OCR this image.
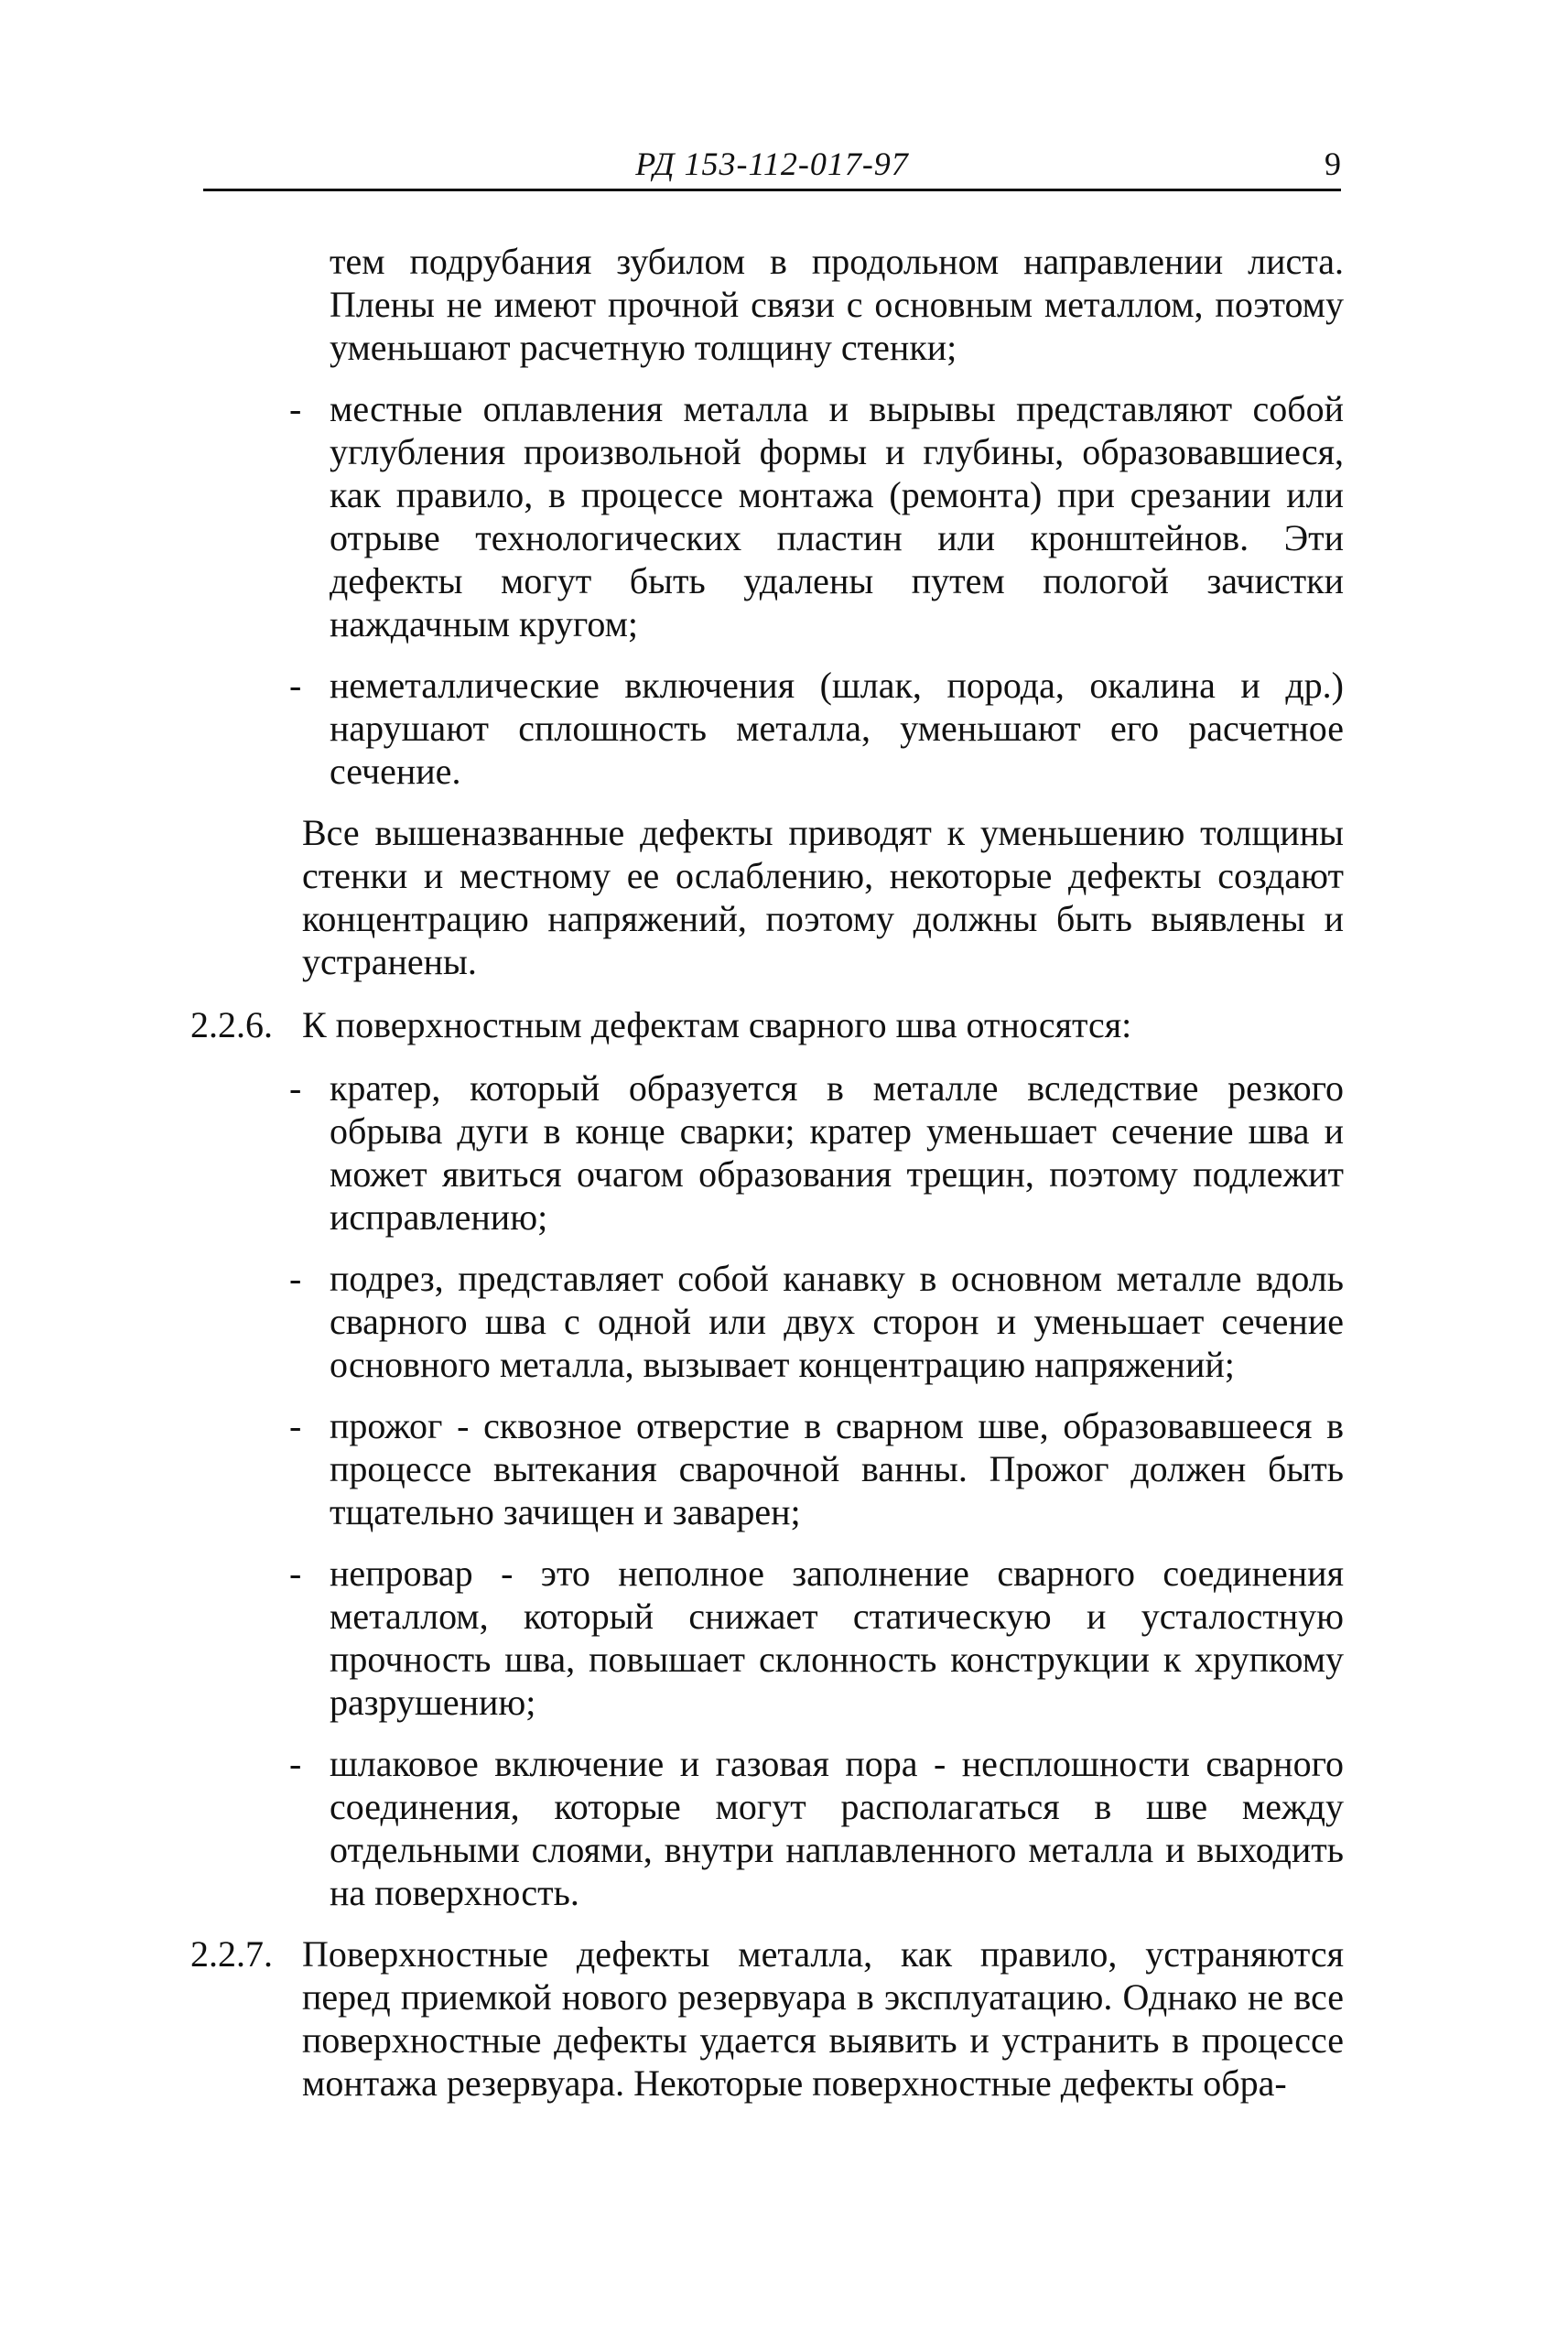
РД 153-112-017-97	9

тем подрубания зубилом в продольном направлении листа. Плены не имеют прочной связи с основным металлом, поэтому уменьшают расчетную толщину стенки;

- местные оплавления металла и вырывы представляют собой углубления произвольной формы и глубины, образовавшиеся, как правило, в процессе монтажа (ремонта) при срезании или отрыве технологических пластин или кронштейнов. Эти дефекты могут быть удалены путем пологой зачистки наждачным кругом;
- неметаллические включения (шлак, порода, окалина и др.) нарушают сплошность металла, уменьшают его расчетное сечение.

Все вышеназванные дефекты приводят к уменьшению толщины стенки и местному ее ослаблению, некоторые дефекты создают концентрацию напряжений, поэтому должны быть выявлены и устранены.

2.2.6. К поверхностным дефектам сварного шва относятся:
- кратер, который образуется в металле вследствие резкого обрыва дуги в конце сварки; кратер уменьшает сечение шва и может явиться очагом образования трещин, поэтому подлежит исправлению;
- подрез, представляет собой канавку в основном металле вдоль сварного шва с одной или двух сторон и уменьшает сечение основного металла, вызывает концентрацию напряжений;
- прожог - сквозное отверстие в сварном шве, образовавшееся в процессе вытекания сварочной ванны. Прожог должен быть тщательно зачищен и заварен;
- непровар - это неполное заполнение сварного соединения металлом, который снижает статическую и усталостную прочность шва, повышает склонность конструкции к хрупкому разрушению;
- шлаковое включение и газовая пора - несплошности сварного соединения, которые могут располагаться в шве между отдельными слоями, внутри наплавленного металла и выходить на поверхность.
2.2.7. Поверхностные дефекты металла, как правило, устраняются перед приемкой нового резервуара в эксплуатацию. Однако не все поверхностные дефекты удается выявить и устранить в процессе монтажа резервуара. Некоторые поверхностные дефекты обра-
